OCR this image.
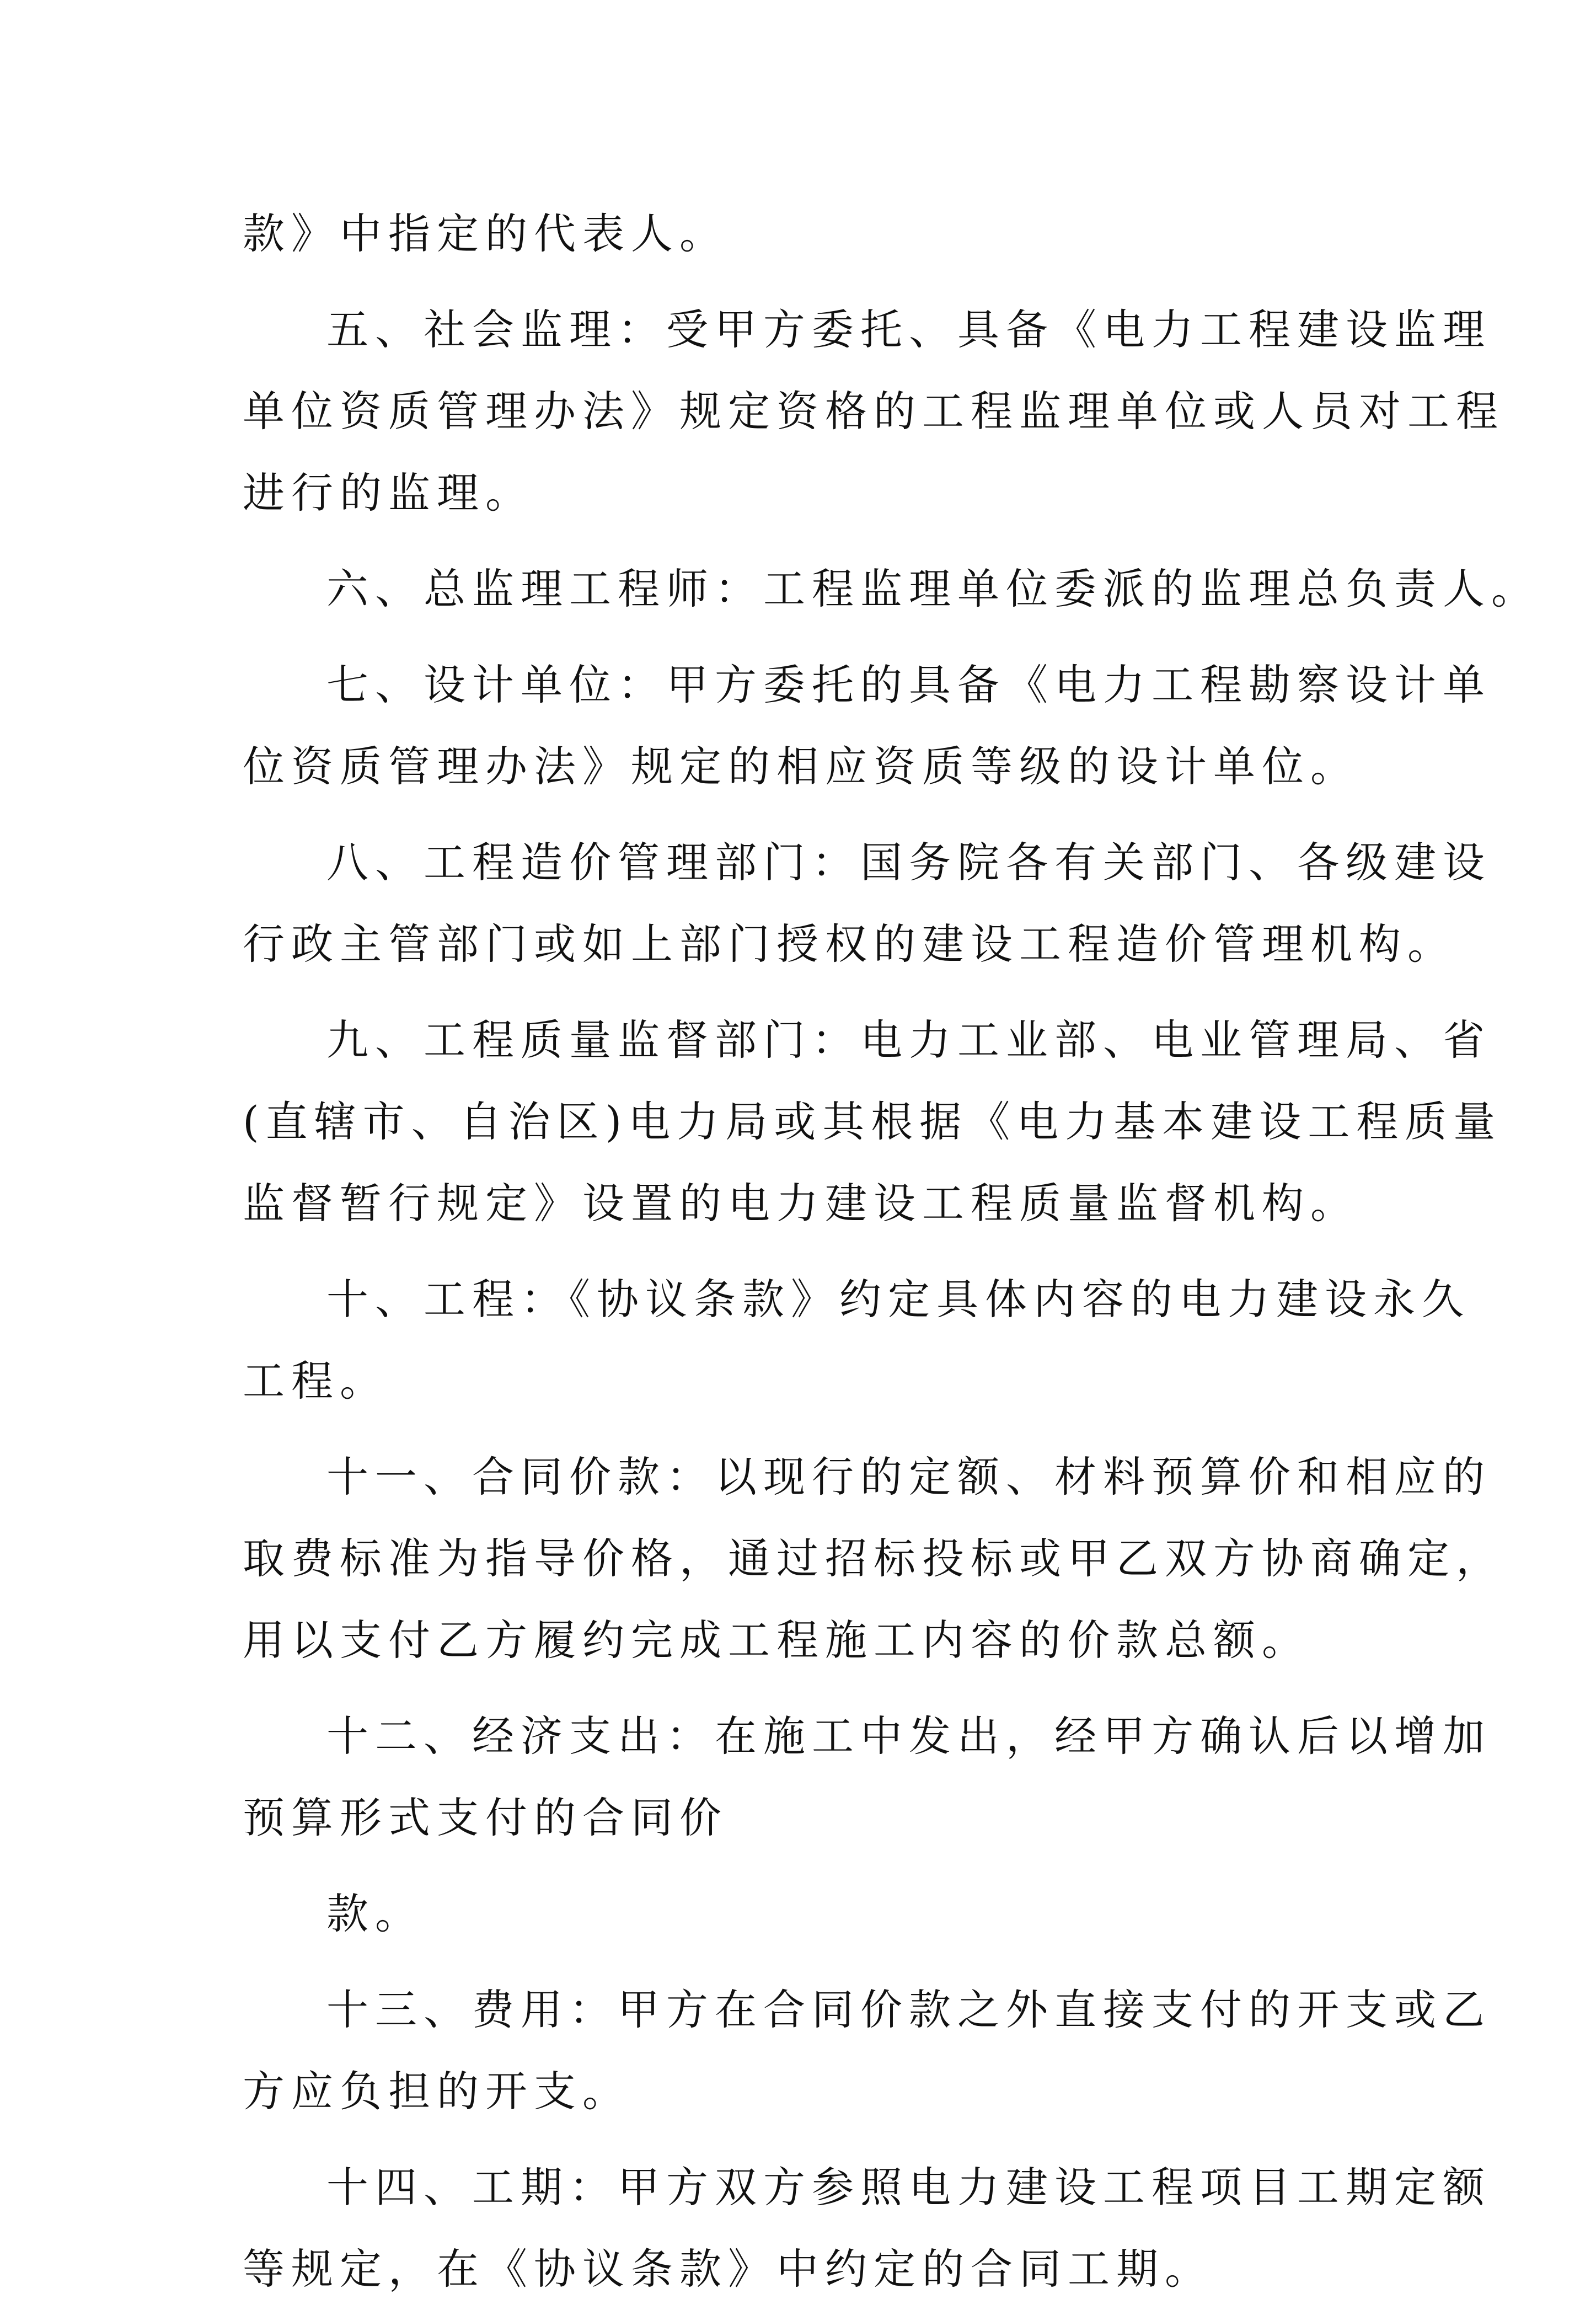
款》中指定的代表人。
五、社会监理：受甲方委托、具备《电力工程建设监理
单位资质管理办法》规定资格的工程监理单位或人员对工程
进行的监理。
六、总监理工程师：工程监理单位委派的监理总负责人。
七、设计单位：甲方委托的具备《电力工程勘察设计单
位资质管理办法》规定的相应资质等级的设计单位。
八、工程造价管理部门：国务院各有关部门、各级建设
行政主管部门或如上部门授权的建设工程造价管理机构。
九、工程质量监督部门：电力工业部、电业管理局、省
(直辖市、自治区)电力局或其根据《电力基本建设工程质量
监督暂行规定》设置的电力建设工程质量监督机构。
十、工程：《协议条款》约定具体内容的电力建设永久
工程。
十一、合同价款：以现行的定额、材料预算价和相应的
取费标准为指导价格，通过招标投标或甲乙双方协商确定，
用以支付乙方履约完成工程施工内容的价款总额。
十二、经济支出：在施工中发出，经甲方确认后以增加
预算形式支付的合同价
款。
十三、费用：甲方在合同价款之外直接支付的开支或乙
方应负担的开支。
十四、工期：甲方双方参照电力建设工程项目工期定额
等规定，在《协议条款》中约定的合同工期。
